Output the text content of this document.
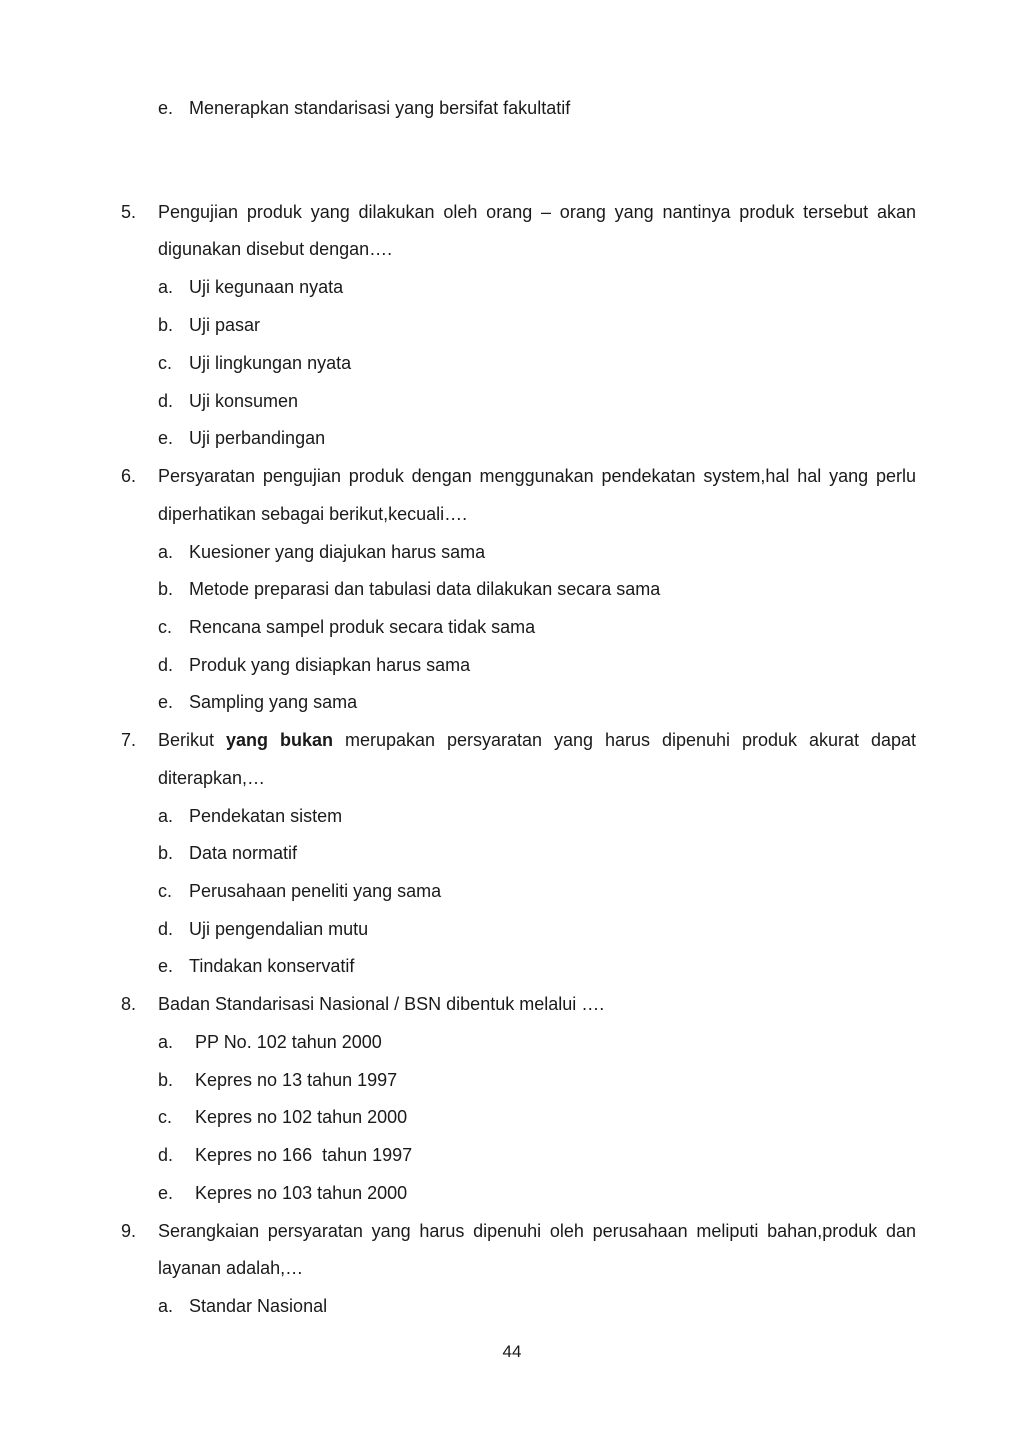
e. Menerapkan standarisasi yang bersifat fakultatif
5. Pengujian produk yang dilakukan oleh orang – orang yang nantinya produk tersebut akan
digunakan disebut dengan….
a. Uji kegunaan nyata
b. Uji pasar
c. Uji lingkungan nyata
d. Uji konsumen
e. Uji perbandingan
6. Persyaratan pengujian produk dengan menggunakan pendekatan system,hal hal yang perlu
diperhatikan sebagai berikut,kecuali….
a. Kuesioner yang diajukan harus sama
b. Metode preparasi dan tabulasi data dilakukan secara sama
c. Rencana sampel produk secara tidak sama
d. Produk yang disiapkan harus sama
e. Sampling yang sama
7. Berikut yang bukan merupakan persyaratan yang harus dipenuhi produk akurat dapat
diterapkan,…
a. Pendekatan sistem
b. Data normatif
c. Perusahaan peneliti yang sama
d. Uji pengendalian mutu
e. Tindakan konservatif
8. Badan Standarisasi Nasional / BSN dibentuk melalui ….
a. PP No. 102 tahun 2000
b. Kepres no 13 tahun 1997
c. Kepres no 102 tahun 2000
d. Kepres no 166  tahun 1997
e. Kepres no 103 tahun 2000
9. Serangkaian persyaratan yang harus dipenuhi oleh perusahaan meliputi bahan,produk dan
layanan adalah,…
a. Standar Nasional
44
